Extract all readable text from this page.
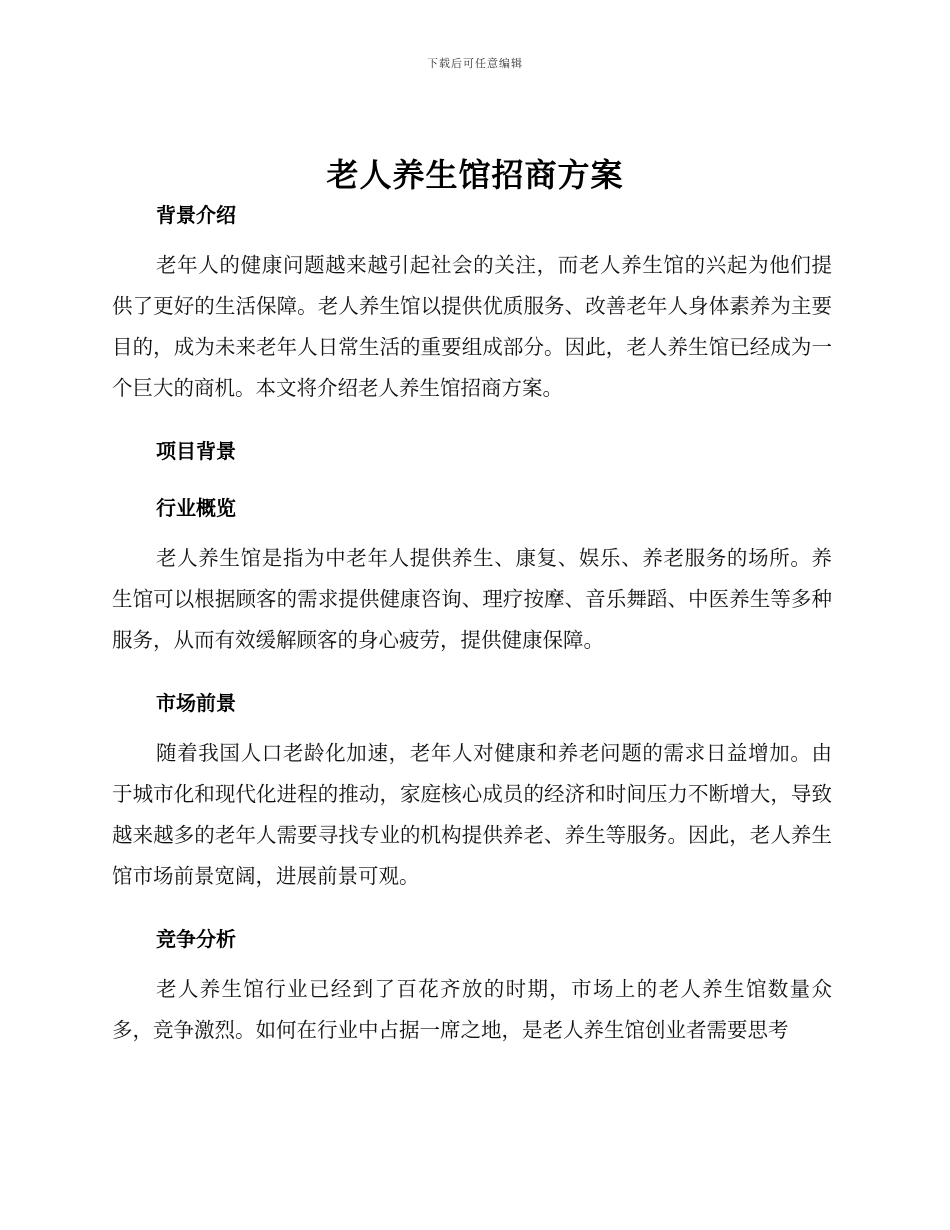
下载后可任意编辑
老人养生馆招商方案
背景介绍

老年人的健康问题越来越引起社会的关注，而老人养生馆的兴起为他们提供了更好的生活保障。老人养生馆以提供优质服务、改善老年人身体素养为主要目的，成为未来老年人日常生活的重要组成部分。因此，老人养生馆已经成为一个巨大的商机。本文将介绍老人养生馆招商方案。

项目背景
行业概览

老人养生馆是指为中老年人提供养生、康复、娱乐、养老服务的场所。养生馆可以根据顾客的需求提供健康咨询、理疗按摩、音乐舞蹈、中医养生等多种服务，从而有效缓解顾客的身心疲劳，提供健康保障。

市场前景

随着我国人口老龄化加速，老年人对健康和养老问题的需求日益增加。由于城市化和现代化进程的推动，家庭核心成员的经济和时间压力不断增大，导致越来越多的老年人需要寻找专业的机构提供养老、养生等服务。因此，老人养生馆市场前景宽阔，进展前景可观。

竞争分析

老人养生馆行业已经到了百花齐放的时期，市场上的老人养生馆数量众多，竞争激烈。如何在行业中占据一席之地，是老人养生馆创业者需要思考
